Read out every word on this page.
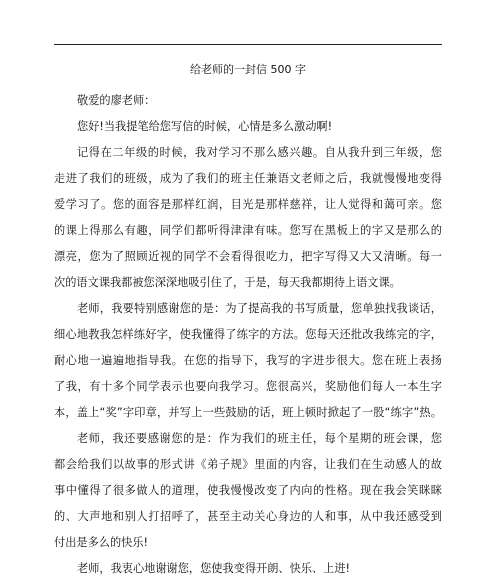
给老师的一封信 500 字
敬爱的廖老师：
您好!当我提笔给您写信的时候，心情是多么激动啊!
记得在二年级的时候，我对学习不那么感兴趣。自从我升到三年级，您
走进了我们的班级，成为了我们的班主任兼语文老师之后，我就慢慢地变得
爱学习了。您的面容是那样红润，目光是那样慈祥，让人觉得和蔼可亲。您
的课上得那么有趣，同学们都听得津津有味。您写在黑板上的字又是那么的
漂亮，您为了照顾近视的同学不会看得很吃力，把字写得又大又清晰。每一
次的语文课我都被您深深地吸引住了，于是，每天我都期待上语文课。
老师，我要特别感谢您的是：为了提高我的书写质量，您单独找我谈话，
细心地教我怎样练好字，使我懂得了练字的方法。您每天还批改我练完的字，
耐心地一遍遍地指导我。在您的指导下，我写的字进步很大。您在班上表扬
了我，有十多个同学表示也要向我学习。您很高兴，奖励他们每人一本生字
本，盖上“奖”字印章，并写上一些鼓励的话，班上顿时掀起了一股“练字”热。
老师，我还要感谢您的是：作为我们的班主任，每个星期的班会课，您
都会给我们以故事的形式讲《弟子规》里面的内容，让我们在生动感人的故
事中懂得了很多做人的道理，使我慢慢改变了内向的性格。现在我会笑眯眯
的、大声地和别人打招呼了，甚至主动关心身边的人和事，从中我还感受到
付出是多么的快乐!
老师，我衷心地谢谢您，您使我变得开朗、快乐、上进!
